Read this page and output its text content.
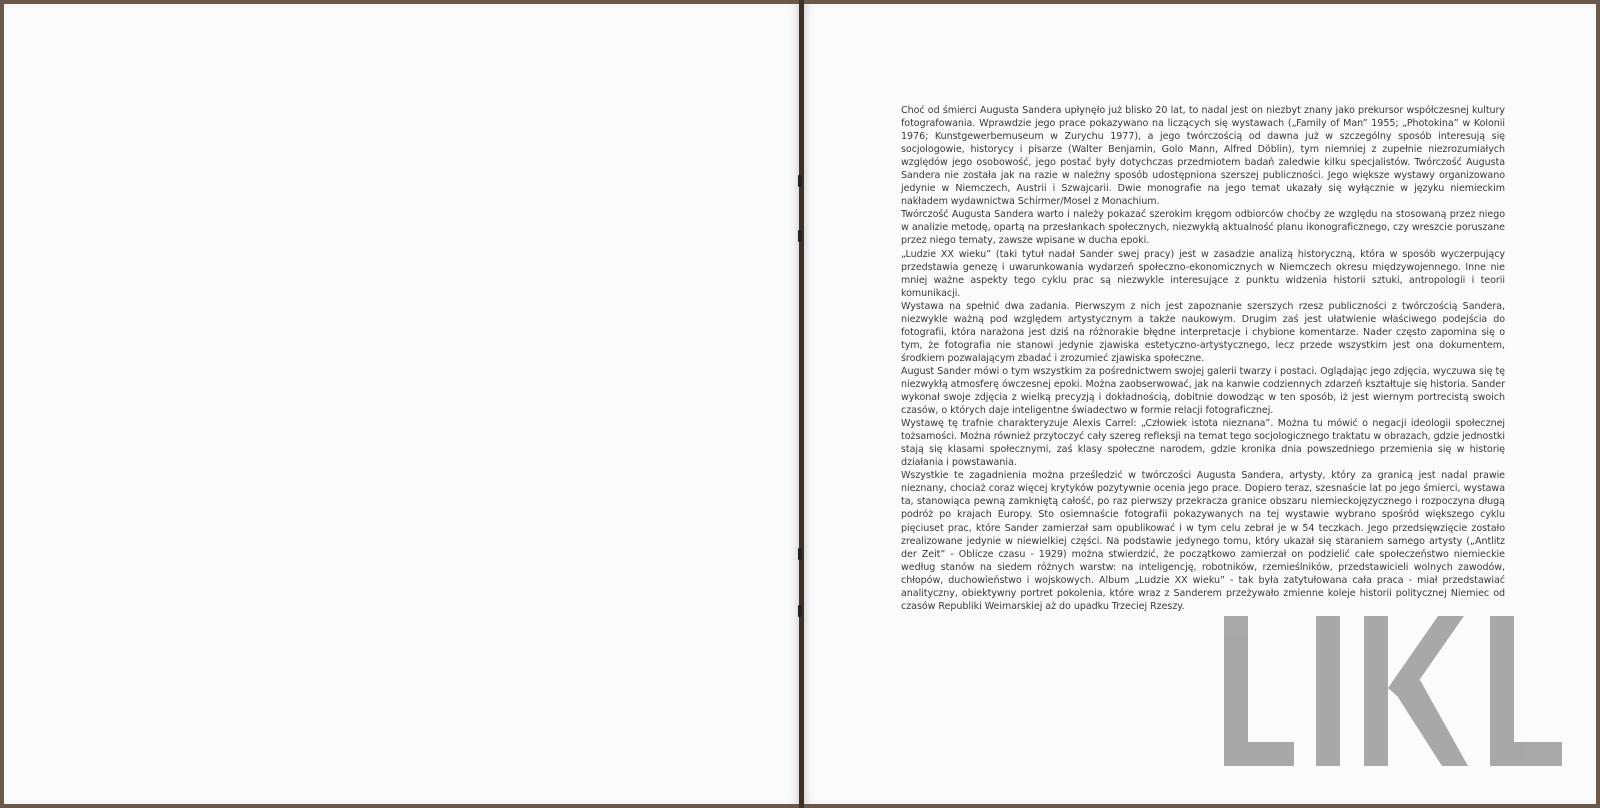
Choć od śmierci Augusta Sandera upłynęło już blisko 20 lat, to nadal jest on niezbyt znany jako prekursor współczesnej kultury fotografowania. Wprawdzie jego prace pokazywano na liczących się wystawach („Family of Man” 1955; „Photokina” w Kolonii 1976; Kunstgewerbemuseum w Zurychu 1977), a jego twórczością od dawna już w szczególny sposób interesują się socjologowie, historycy i pisarze (Walter Benjamin, Golo Mann, Alfred Döblin), tym niemniej z zupełnie niezrozumiałych względów jego osobowość, jego postać były dotychczas przedmiotem badań zaledwie kilku specjalistów. Twórczość Augusta Sandera nie została jak na razie w należny sposób udostępniona szerszej publiczności. Jego większe wystawy organizowano jedynie w Niemczech, Austrii i Szwajcarii. Dwie monografie na jego temat ukazały się wyłącznie w języku niemieckim nakładem wydawnictwa Schirmer/Mosel z Monachium.

Twórczość Augusta Sandera warto i należy pokazać szerokim kręgom odbiorców choćby ze względu na stosowaną przez niego w analizie metodę, opartą na przesłankach społecznych, niezwykłą aktualność planu ikonograficznego, czy wreszcie poruszane przez niego tematy, zawsze wpisane w ducha epoki.

„Ludzie XX wieku” (taki tytuł nadał Sander swej pracy) jest w zasadzie analizą historyczną, która w sposób wyczerpujący przedstawia genezę i uwarunkowania wydarzeń społeczno-ekonomicznych w Niemczech okresu międzywojennego. Inne nie mniej ważne aspekty tego cyklu prac są niezwykle interesujące z punktu widzenia historii sztuki, antropologii i teorii komunikacji.

Wystawa na spełnić dwa zadania. Pierwszym z nich jest zapoznanie szerszych rzesz publiczności z twórczością Sandera, niezwykle ważną pod względem artystycznym a także naukowym. Drugim zaś jest ułatwienie właściwego podejścia do fotografii, która narażona jest dziś na różnorakie błędne interpretacje i chybione komentarze. Nader często zapomina się o tym, że fotografia nie stanowi jedynie zjawiska estetyczno-artystycznego, lecz przede wszystkim jest ona dokumentem, środkiem pozwalającym zbadać i zrozumieć zjawiska społeczne.

August Sander mówi o tym wszystkim za pośrednictwem swojej galerii twarzy i postaci. Oglądając jego zdjęcia, wyczuwa się tę niezwykłą atmosferę ówczesnej epoki. Można zaobserwować, jak na kanwie codziennych zdarzeń kształtuje się historia. Sander wykonał swoje zdjęcia z wielką precyzją i dokładnością, dobitnie dowodząc w ten sposób, iż jest wiernym portrecistą swoich czasów, o których daje inteligentne świadectwo w formie relacji fotograficznej.

Wystawę tę trafnie charakteryzuje Alexis Carrel: „Człowiek istota nieznana”. Można tu mówić o negacji ideologii społecznej tożsamości. Można również przytoczyć cały szereg refleksji na temat tego socjologicznego traktatu w obrazach, gdzie jednostki stają się klasami społecznymi, zaś klasy społeczne narodem, gdzie kronika dnia powszedniego przemienia się w historię działania i powstawania.

Wszystkie te zagadnienia można prześledzić w twórczości Augusta Sandera, artysty, który za granicą jest nadal prawie nieznany, chociaż coraz więcej krytyków pozytywnie ocenia jego prace. Dopiero teraz, szesnaście lat po jego śmierci, wystawa ta, stanowiąca pewną zamkniętą całość, po raz pierwszy przekracza granice obszaru niemieckojęzycznego i rozpoczyna długą podróż po krajach Europy. Sto osiemnaście fotografii pokazywanych na tej wystawie wybrano spośród większego cyklu pięciuset prac, które Sander zamierzał sam opublikować i w tym celu zebrał je w 54 teczkach. Jego przedsięwzięcie zostało zrealizowane jedynie w niewielkiej części. Na podstawie jedynego tomu, który ukazał się staraniem samego artysty („Antlitz der Zeit” - Oblicze czasu - 1929) można stwierdzić, że początkowo zamierzał on podzielić całe społeczeństwo niemieckie według stanów na siedem różnych warstw: na inteligencję, robotników, rzemieślników, przedstawicieli wolnych zawodów, chłopów, duchowieństwo i wojskowych. Album „Ludzie XX wieku” - tak była zatytułowana cała praca - miał przedstawiać analityczny, obiektywny portret pokolenia, które wraz z Sanderem przeżywało zmienne koleje historii politycznej Niemiec od czasów Republiki Weimarskiej aż do upadku Trzeciej Rzeszy.
